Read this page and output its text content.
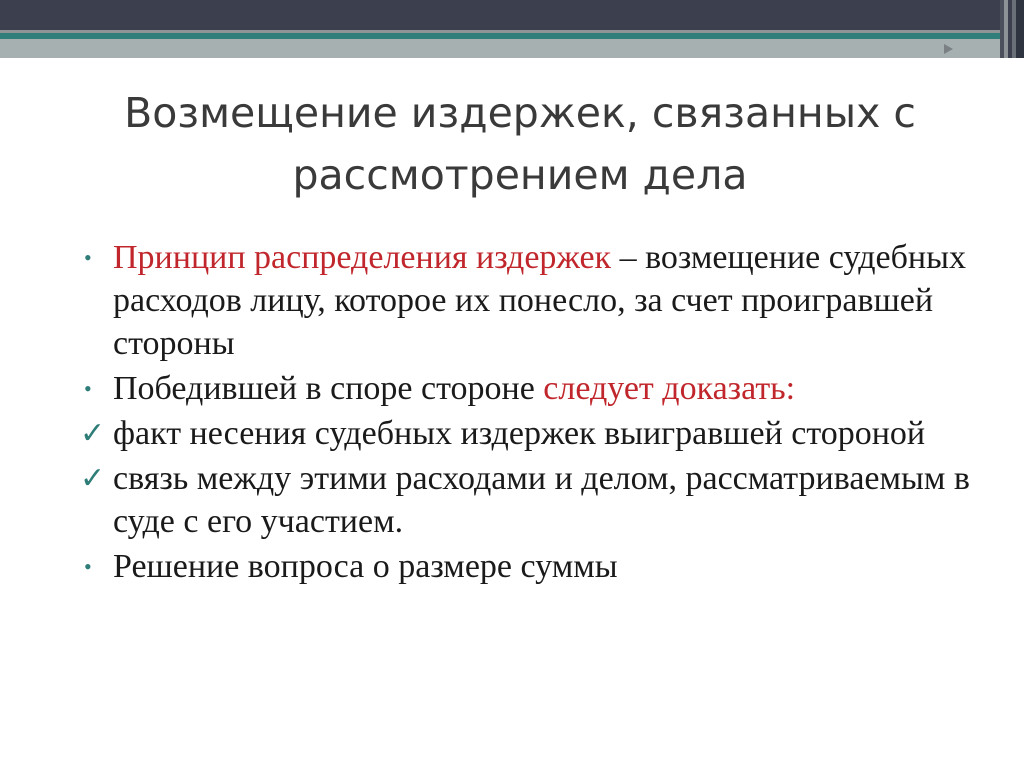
Возмещение издержек, связанных с рассмотрением дела
• Принцип распределения издержек – возмещение судебных расходов лицу, которое их понесло, за счет проигравшей стороны
• Победившей в споре стороне следует доказать:
✓ факт несения судебных издержек выигравшей стороной
✓ связь между этими расходами и делом, рассматриваемым в суде с его участием.
• Решение вопроса о размере суммы
